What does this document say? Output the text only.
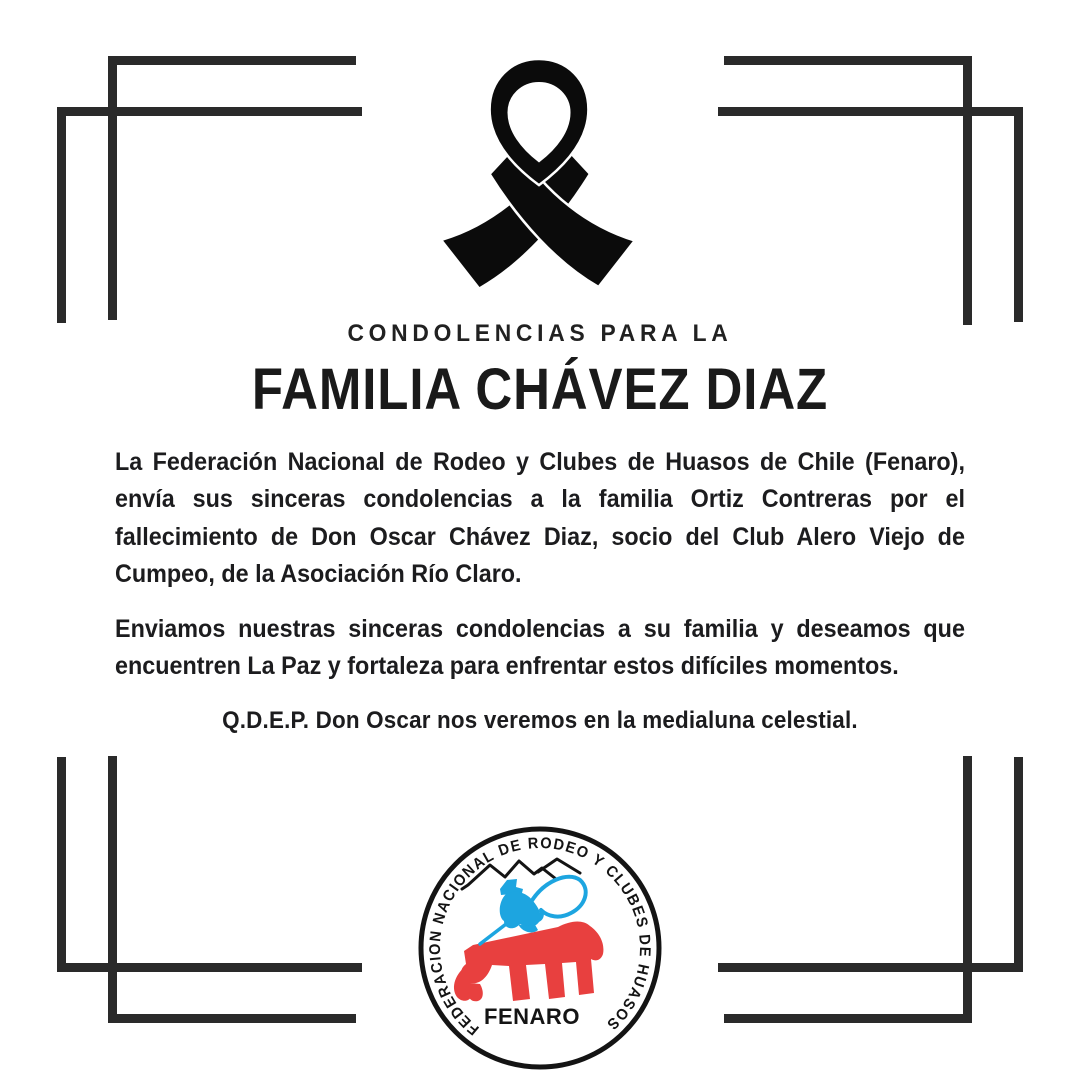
CONDOLENCIAS PARA LA
FAMILIA CHÁVEZ DIAZ

La Federación Nacional de Rodeo y Clubes de Huasos de Chile (Fenaro), envía sus sinceras condolencias a la familia Ortiz Contreras por el fallecimiento de Don Oscar Chávez Diaz, socio del Club Alero Viejo de Cumpeo, de la Asociación Río Claro.

Enviamos nuestras sinceras condolencias a su familia y deseamos que encuentren La Paz y fortaleza para enfrentar estos difíciles momentos.

Q.D.E.P. Don Oscar nos veremos en la medialuna celestial.

FEDERACION NACIONAL DE RODEO Y CLUBES DE HUASOS
FENARO
